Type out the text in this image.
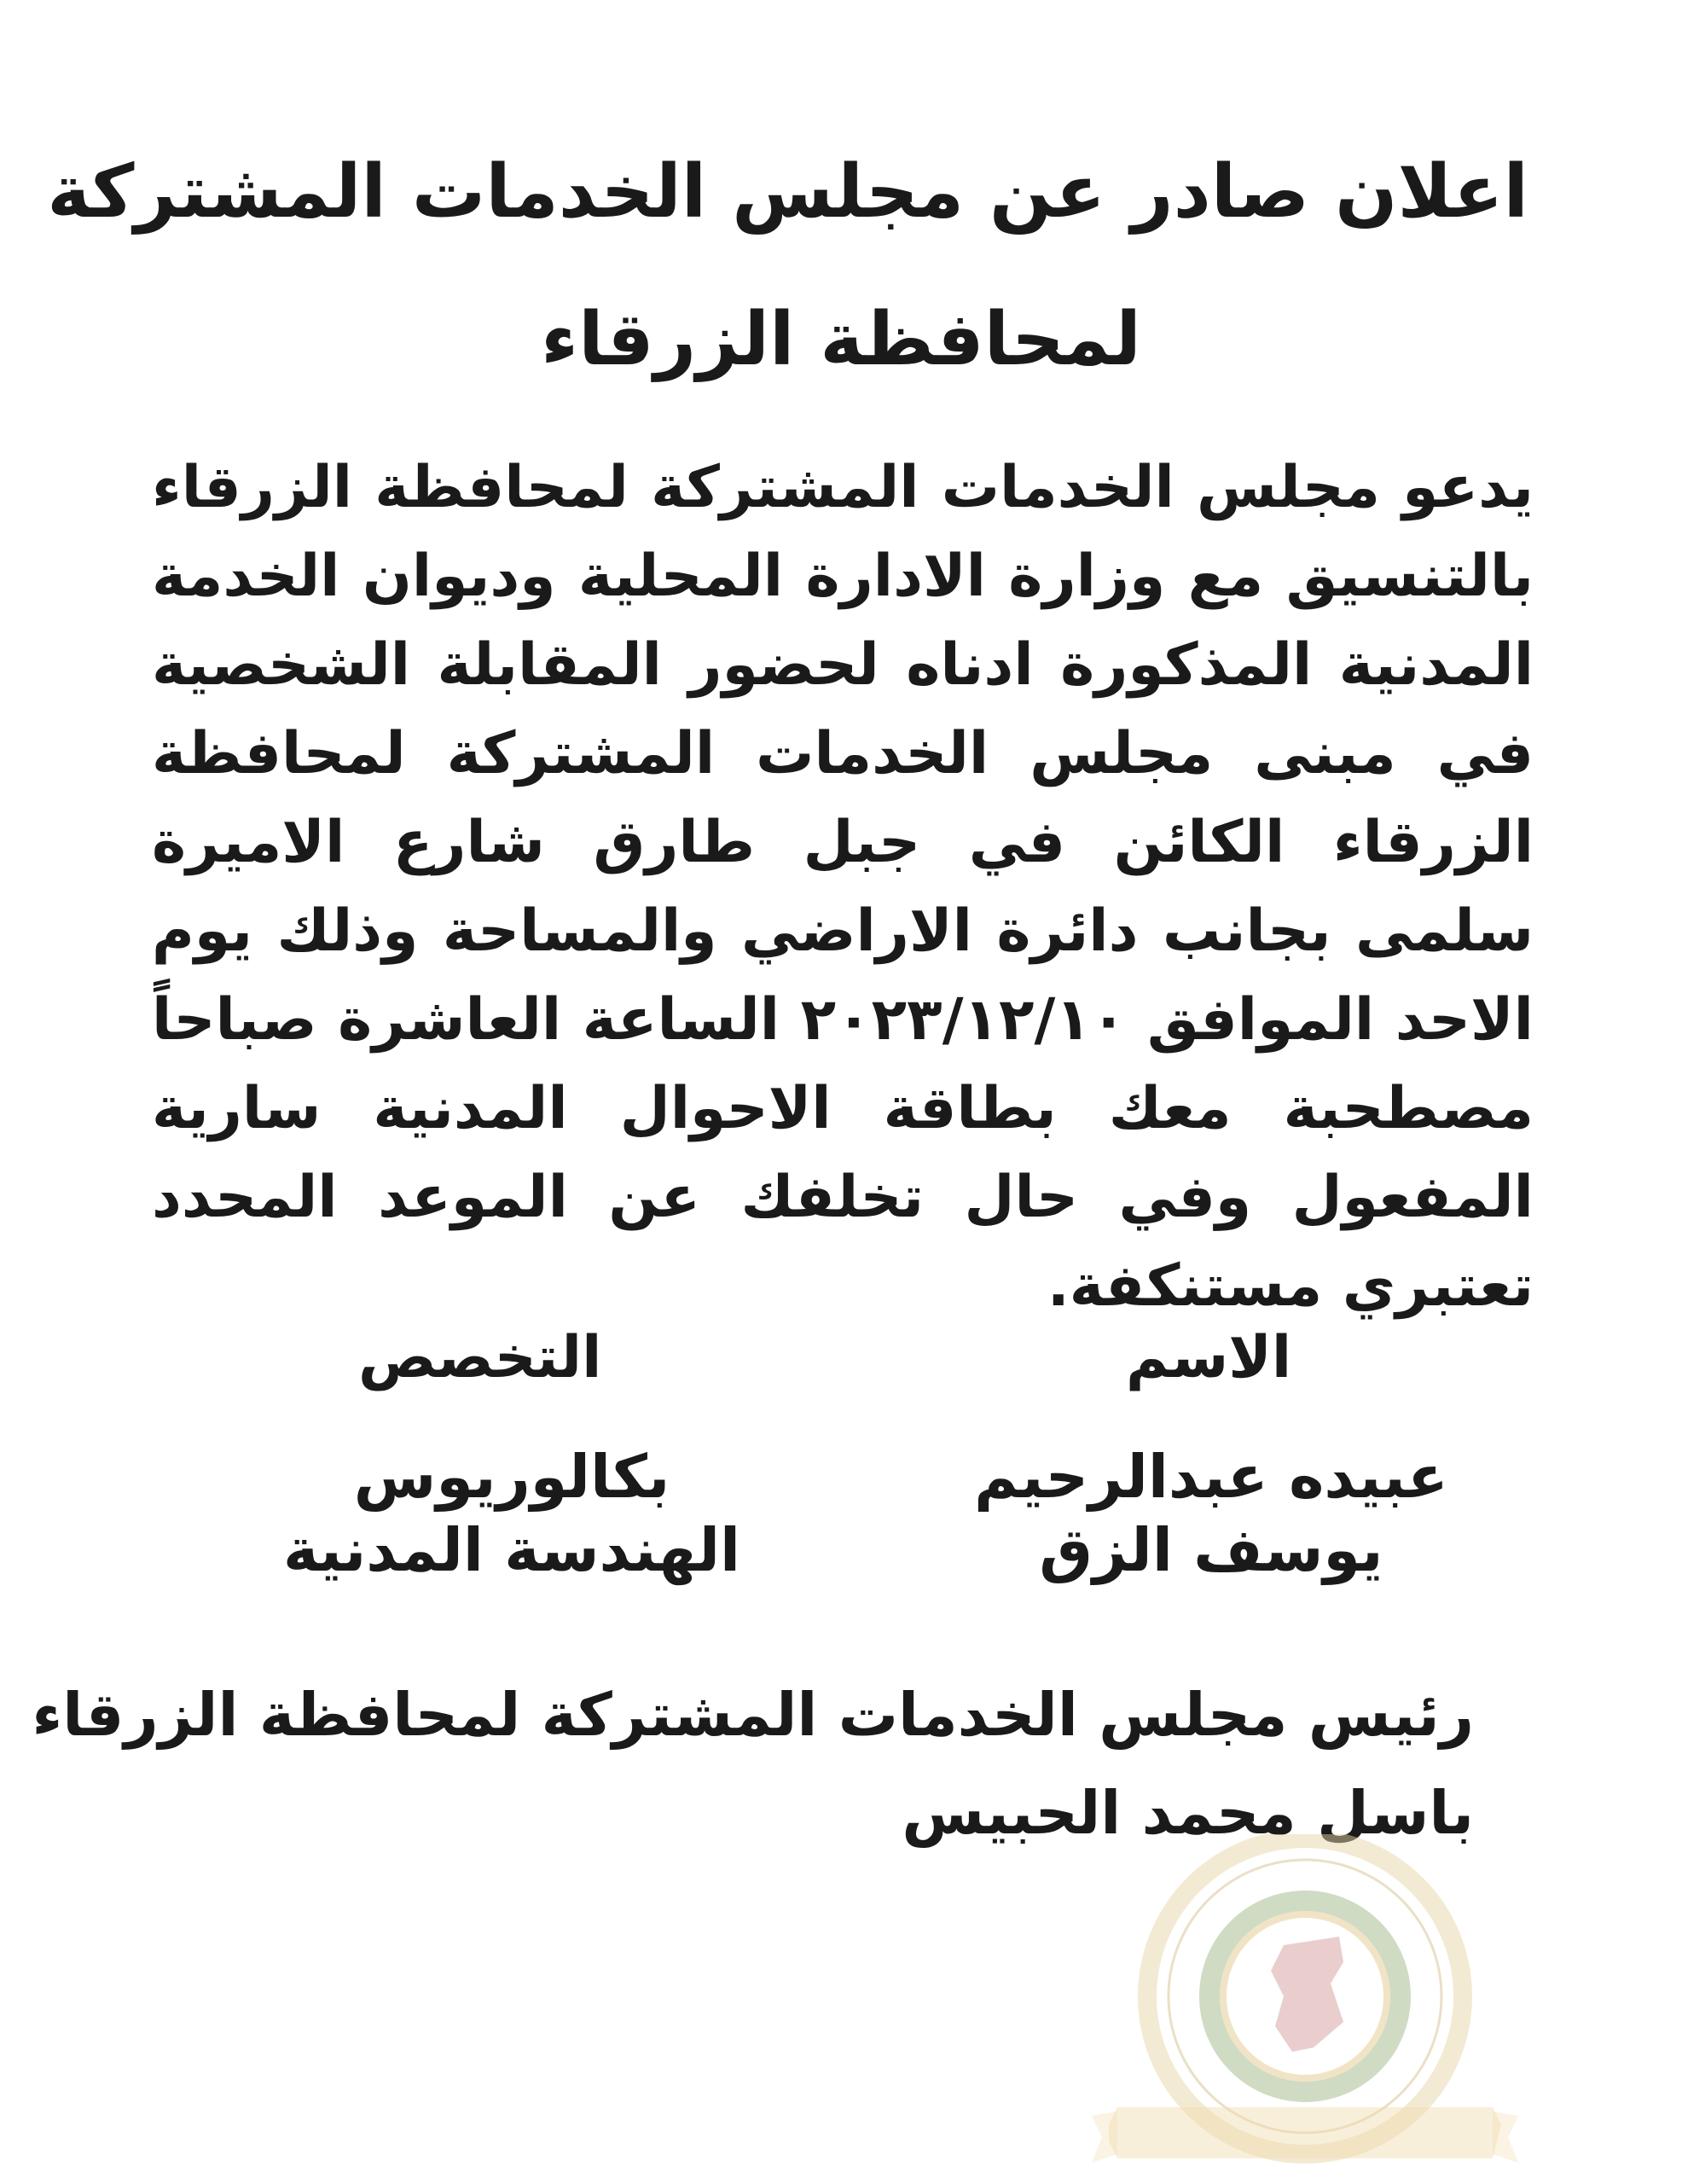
اعلان صادر عن مجلس الخدمات المشتركة
لمحافظة الزرقاء

يدعو مجلس الخدمات المشتركة لمحافظة الزرقاء بالتنسيق مع وزارة الادارة المحلية وديوان الخدمة المدنية المذكورة ادناه لحضور المقابلة الشخصية في مبنى مجلس الخدمات المشتركة لمحافظة الزرقاء الكائن في جبل طارق شارع الاميرة سلمى بجانب دائرة الاراضي والمساحة وذلك يوم الاحد الموافق ٢٠٢٣/١٢/١٠ الساعة العاشرة صباحاً مصطحبة معك بطاقة الاحوال المدنية سارية المفعول وفي حال تخلفك عن الموعد المحدد تعتبري مستنكفة.

الاسم
التخصص

عبيده عبدالرحيم يوسف الزق

بكالوريوس الهندسة المدنية

رئيس مجلس الخدمات المشتركة لمحافظة الزرقاء
باسل محمد الحبيس
